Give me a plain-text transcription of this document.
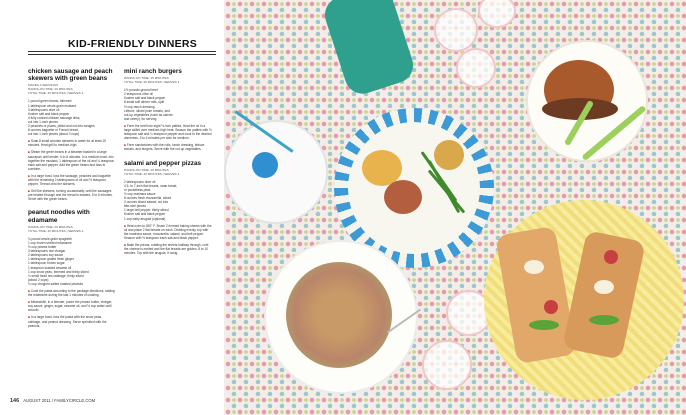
KID-FRIENDLY DINNERS
chicken sausage and peach skewers with green beans
MAKES 4 SERVINGS
HANDS-ON TIME: 20 MINUTES
TOTAL TIME: 35 MINUTES | SERVES 4
1 pound green beans, trimmed
1 tablespoon whole-grain mustard
3 tablespoons olive oil
Kosher salt and black pepper
4 fully cooked chicken sausage links,
cut into 1-inch pieces
2 peaches or plums, pitted and cut into wedges
8 ounces baguette or French bread,
cut into 1-inch pieces (about 3 cups)
■ Soak 8 small wooden skewers in water for at least 15 minutes. Heat grill to medium-high.
■ Steam the green beans in a steamer basket in a large saucepan until tender, 6 to 8 minutes. In a medium bowl, mix together the mustard, 1 tablespoon of the oil and ¼ teaspoon each salt and pepper. Add the green beans and toss to combine.
■ In a large bowl, toss the sausage, peaches and baguette with the remaining 2 tablespoons of oil and ½ teaspoon pepper. Thread onto the skewers.
■ Grill the skewers, turning occasionally, until the sausages are heated through and the bread is toasted, 5 to 6 minutes. Serve with the green beans.
peanut noodles with edamame
HANDS-ON TIME: 20 MINUTES
TOTAL TIME: 30 MINUTES | SERVES 4
¾ pound whole-grain spaghetti
1 cup frozen shelled edamame
½ cup peanut butter
3 tablespoons rice vinegar
2 tablespoons soy sauce
1 tablespoon grated fresh ginger
1 tablespoon brown sugar
1 teaspoon toasted sesame oil
1 cup snow peas, trimmed and thinly sliced
¼ small head red cabbage, thinly sliced
(about 2 cups)
¼ cup chopped salted roasted peanuts
■ Cook the pasta according to the package directions, adding the edamame during the last 1 minutes of cooking.
■ Meanwhile, in a blender, puree the peanut butter, vinegar, soy sauce, ginger, sugar, sesame oil, and ½ cup water until smooth.
■ In a large bowl, toss the pasta with the snow peas, cabbage, and peanut dressing. Serve sprinkled with the peanuts.
mini ranch burgers
HANDS-ON TIME: 15 MINUTES
TOTAL TIME: 20 MINUTES | SERVES 4
1½ pounds ground beef
2 teaspoons olive oil
Kosher salt and black pepper
8 small soft dinner rolls, split
½ cup ranch dressing
Lettuce, sliced plum tomato, and
cut-up vegetables (such as carrots
and celery), for serving
■ Form the beef into eight ½-inch patties. Heat the oil in a large skillet over medium-high heat. Season the patties with ½ teaspoon salt and ¼ teaspoon pepper and cook to the desired doneness, 3 to 4 minutes per side for medium.
■ Form sandwiches with the rolls, ranch dressing, lettuce, tomato, and burgers. Serve with the cut-up vegetables.
salami and pepper pizzas
HANDS-ON TIME: 10 MINUTES
TOTAL TIME: 20 MINUTES | SERVES 4
2 tablespoons olive oil
4 5- to 7-inch flat breads, naan bread,
or pocketless pitas
½ cup marinara sauce
8 ounces fresh mozzarella, sliced
2 ounces sliced salami, cut into
bite-size pieces
1 large bell pepper, thinly sliced
Kosher salt and black pepper
1 cup baby arugula (optional)
■ Heat oven to 450° F. Brush 2 rimmed baking sheets with the oil and place 2 flat breads on each. Dividing evenly, top with the marinara sauce, mozzarella, salami, and bell pepper. Season with ½ teaspoon each salt and black pepper.
■ Bake the pizzas, rotating the sheets halfway through, until the cheese is melted and the flat breads are golden, 8 to 10 minutes. Top with the arugula, if using.
146 AUGUST 2011 / FAMILYCIRCLE.COM
